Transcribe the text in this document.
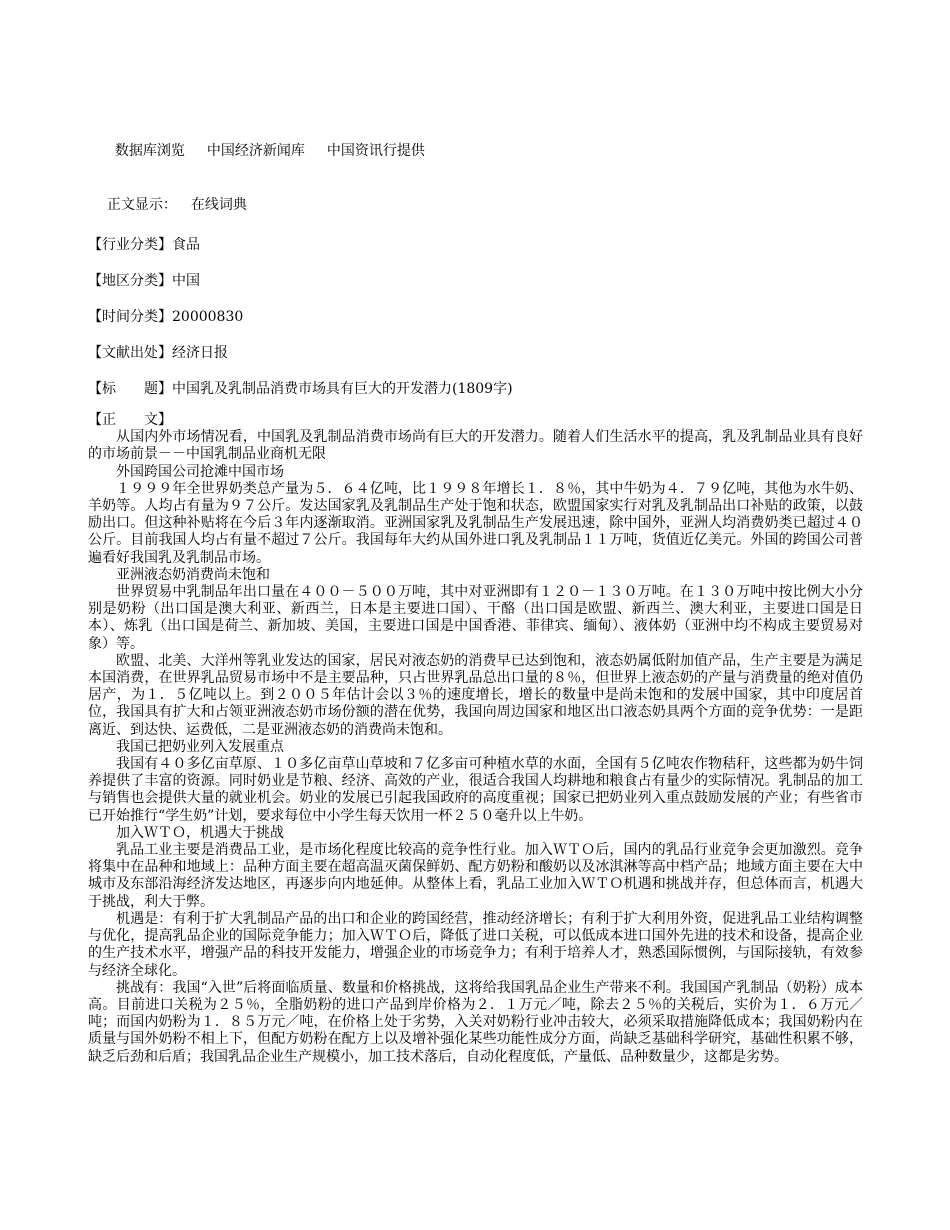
数据库浏览 中国经济新闻库 中国资讯行提供

正文显示： 在线词典

【行业分类】食品
【地区分类】中国
【时间分类】20000830
【文献出处】经济日报
【标　　题】中国乳及乳制品消费市场具有巨大的开发潜力(1809字)
【正　　文】

从国内外市场情况看，中国乳及乳制品消费市场尚有巨大的开发潜力。随着人们生活水平的提高，乳及乳制品业具有良好的市场前景－－中国乳制品业商机无限

外国跨国公司抢滩中国市场

１９９９年全世界奶类总产量为５．６４亿吨，比１９９８年增长１．８％，其中牛奶为４．７９亿吨，其他为水牛奶、羊奶等。人均占有量为９７公斤。发达国家乳及乳制品生产处于饱和状态，欧盟国家实行对乳及乳制品出口补贴的政策，以鼓励出口。但这种补贴将在今后３年内逐渐取消。亚洲国家乳及乳制品生产发展迅速，除中国外，亚洲人均消费奶类已超过４０公斤。目前我国人均占有量不超过７公斤。我国每年大约从国外进口乳及乳制品１１万吨，货值近亿美元。外国的跨国公司普遍看好我国乳及乳制品市场。

亚洲液态奶消费尚未饱和

世界贸易中乳制品年出口量在４００－５００万吨，其中对亚洲即有１２０－１３０万吨。在１３０万吨中按比例大小分别是奶粉（出口国是澳大利亚、新西兰，日本是主要进口国）、干酪（出口国是欧盟、新西兰、澳大利亚，主要进口国是日本）、炼乳（出口国是荷兰、新加坡、美国，主要进口国是中国香港、菲律宾、缅甸）、液体奶（亚洲中均不构成主要贸易对象）等。

欧盟、北美、大洋州等乳业发达的国家，居民对液态奶的消费早已达到饱和，液态奶属低附加值产品，生产主要是为满足本国消费，在世界乳品贸易市场中不是主要品种，只占世界乳品总出口量的８％，但世界上液态奶的产量与消费量的绝对值仍居产，为１．５亿吨以上。到２００５年估计会以３％的速度增长，增长的数量中是尚未饱和的发展中国家，其中印度居首位，我国具有扩大和占领亚洲液态奶市场份额的潜在优势，我国向周边国家和地区出口液态奶具两个方面的竞争优势：一是距离近、到达快、运费低，二是亚洲液态奶的消费尚未饱和。

我国已把奶业列入发展重点

我国有４０多亿亩草原、１０多亿亩草山草坡和７亿多亩可种植水草的水面，全国有５亿吨农作物秸秆，这些都为奶牛饲养提供了丰富的资源。同时奶业是节粮、经济、高效的产业，很适合我国人均耕地和粮食占有量少的实际情况。乳制品的加工与销售也会提供大量的就业机会。奶业的发展已引起我国政府的高度重视；国家已把奶业列入重点鼓励发展的产业；有些省市已开始推行“学生奶”计划，要求每位中小学生每天饮用一杯２５０毫升以上牛奶。

加入ＷＴＯ，机遇大于挑战

乳品工业主要是消费品工业，是市场化程度比较高的竞争性行业。加入ＷＴＯ后，国内的乳品行业竞争会更加激烈。竞争将集中在品种和地域上：品种方面主要在超高温灭菌保鲜奶、配方奶粉和酸奶以及冰淇淋等高中档产品；地域方面主要在大中城市及东部沿海经济发达地区，再逐步向内地延伸。从整体上看，乳品工业加入ＷＴＯ机遇和挑战并存，但总体而言，机遇大于挑战，利大于弊。

机遇是：有利于扩大乳制品产品的出口和企业的跨国经营，推动经济增长；有利于扩大利用外资，促进乳品工业结构调整与优化，提高乳品企业的国际竞争能力；加入ＷＴＯ后，降低了进口关税，可以低成本进口国外先进的技术和设备，提高企业的生产技术水平，增强产品的科技开发能力，增强企业的市场竞争力；有利于培养人才，熟悉国际惯例，与国际接轨，有效参与经济全球化。

挑战有：我国“入世”后将面临质量、数量和价格挑战，这将给我国乳品企业生产带来不利。我国国产乳制品（奶粉）成本高。目前进口关税为２５％，全脂奶粉的进口产品到岸价格为２．１万元／吨，除去２５％的关税后，实价为１．６万元／吨；而国内奶粉为１．８５万元／吨，在价格上处于劣势，入关对奶粉行业冲击较大，必须采取措施降低成本；我国奶粉内在质量与国外奶粉不相上下，但配方奶粉在配方上以及增补强化某些功能性成分方面，尚缺乏基础科学研究，基础性积累不够，缺乏后劲和后盾；我国乳品企业生产规模小，加工技术落后，自动化程度低，产量低、品种数量少，这都是劣势。
